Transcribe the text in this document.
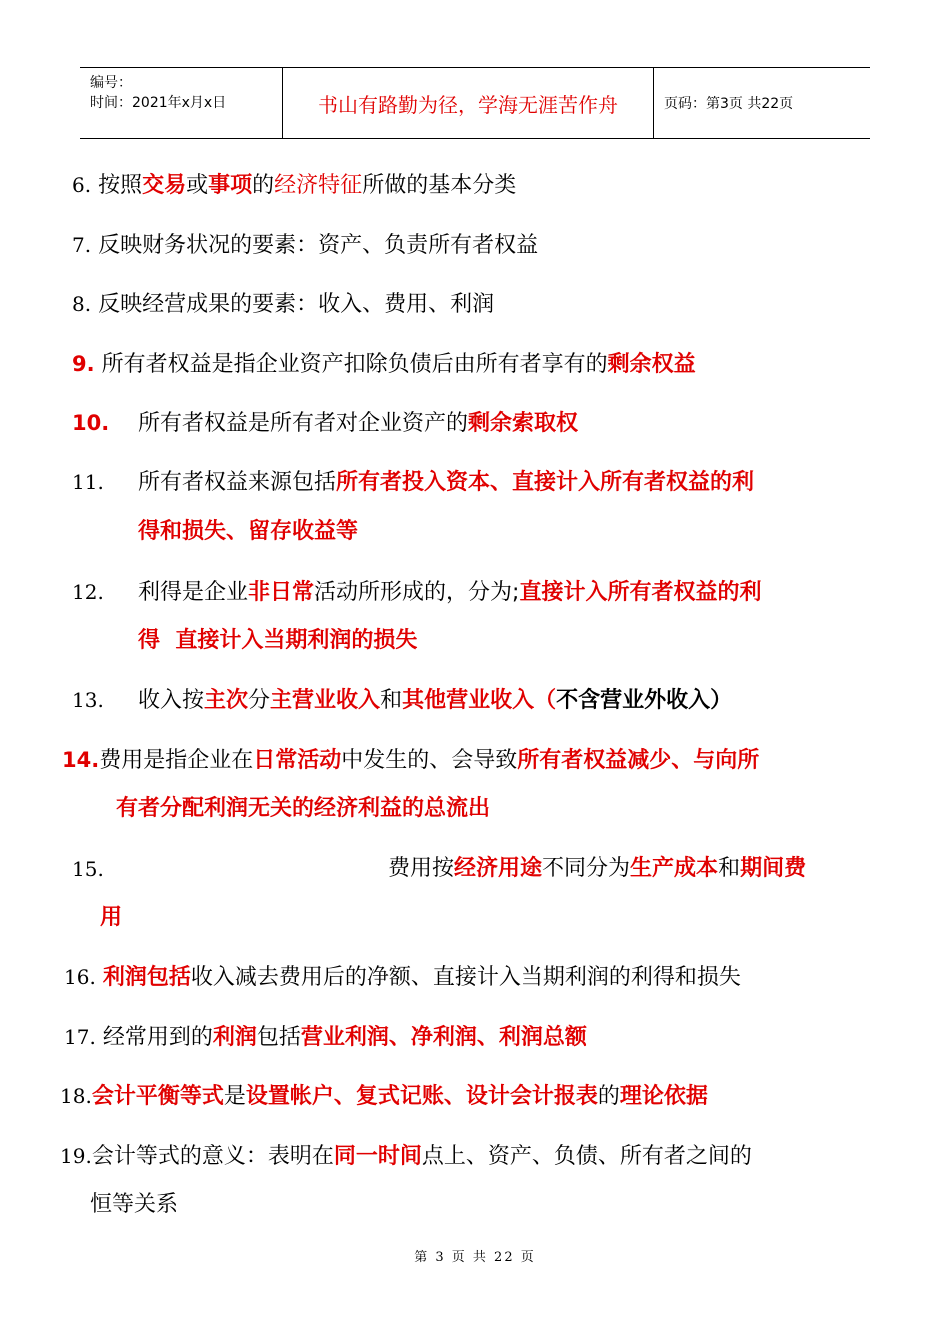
编号：
时间：2021年x月x日	书山有路勤为径，学海无涯苦作舟	页码：第3页 共22页
6. 按照交易或事项的经济特征所做的基本分类
7. 反映财务状况的要素：资产、负责所有者权益
8. 反映经营成果的要素：收入、费用、利润
9. 所有者权益是指企业资产扣除负债后由所有者享有的剩余权益
10. 所有者权益是所有者对企业资产的剩余索取权
11. 所有者权益来源包括所有者投入资本、直接计入所有者权益的利
得和损失、留存收益等
12. 利得是企业非日常活动所形成的，分为;直接计入所有者权益的利
得  直接计入当期利润的损失
13. 收入按主次分主营业收入和其他营业收入（不含营业外收入）
14.费用是指企业在日常活动中发生的、会导致所有者权益减少、与向所
有者分配利润无关的经济利益的总流出
15.	费用按经济用途不同分为生产成本和期间费
用
16. 利润包括收入减去费用后的净额、直接计入当期利润的利得和损失
17. 经常用到的利润包括营业利润、净利润、利润总额
18.会计平衡等式是设置帐户、复式记账、设计会计报表的理论依据
19.会计等式的意义：表明在同一时间点上、资产、负债、所有者之间的
恒等关系
第 3 页 共 22 页
